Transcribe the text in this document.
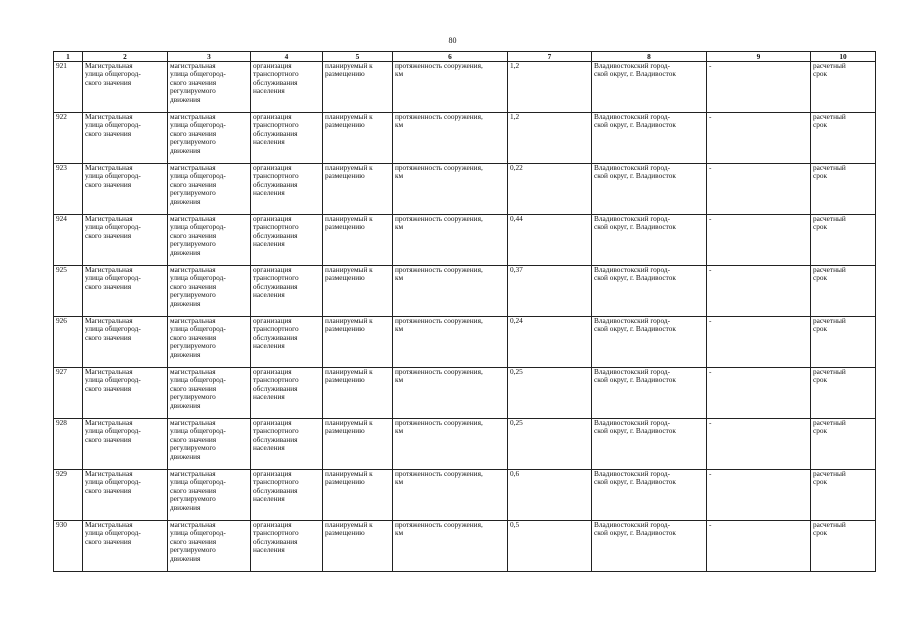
80
1	2	3	4	5	6	7	8	9	10
921	Магистральная
улица общегород-
ского значения	магистральная
улица общегород-
ского значения
регулируемого
движения	организация
транспортного
обслуживания
населения	планируемый к
размещению	протяженность сооружения,
км	1,2	Владивостокский город-
ской округ, г. Владивосток	-	расчетный
срок
922	Магистральная
улица общегород-
ского значения	магистральная
улица общегород-
ского значения
регулируемого
движения	организация
транспортного
обслуживания
населения	планируемый к
размещению	протяженность сооружения,
км	1,2	Владивостокский город-
ской округ, г. Владивосток	-	расчетный
срок
923	Магистральная
улица общегород-
ского значения	магистральная
улица общегород-
ского значения
регулируемого
движения	организация
транспортного
обслуживания
населения	планируемый к
размещению	протяженность сооружения,
км	0,22	Владивостокский город-
ской округ, г. Владивосток	-	расчетный
срок
924	Магистральная
улица общегород-
ского значения	магистральная
улица общегород-
ского значения
регулируемого
движения	организация
транспортного
обслуживания
населения	планируемый к
размещению	протяженность сооружения,
км	0,44	Владивостокский город-
ской округ, г. Владивосток	-	расчетный
срок
925	Магистральная
улица общегород-
ского значения	магистральная
улица общегород-
ского значения
регулируемого
движения	организация
транспортного
обслуживания
населения	планируемый к
размещению	протяженность сооружения,
км	0,37	Владивостокский город-
ской округ, г. Владивосток	-	расчетный
срок
926	Магистральная
улица общегород-
ского значения	магистральная
улица общегород-
ского значения
регулируемого
движения	организация
транспортного
обслуживания
населения	планируемый к
размещению	протяженность сооружения,
км	0,24	Владивостокский город-
ской округ, г. Владивосток	-	расчетный
срок
927	Магистральная
улица общегород-
ского значения	магистральная
улица общегород-
ского значения
регулируемого
движения	организация
транспортного
обслуживания
населения	планируемый к
размещению	протяженность сооружения,
км	0,25	Владивостокский город-
ской округ, г. Владивосток	-	расчетный
срок
928	Магистральная
улица общегород-
ского значения	магистральная
улица общегород-
ского значения
регулируемого
движения	организация
транспортного
обслуживания
населения	планируемый к
размещению	протяженность сооружения,
км	0,25	Владивостокский город-
ской округ, г. Владивосток	-	расчетный
срок
929	Магистральная
улица общегород-
ского значения	магистральная
улица общегород-
ского значения
регулируемого
движения	организация
транспортного
обслуживания
населения	планируемый к
размещению	протяженность сооружения,
км	0,6	Владивостокский город-
ской округ, г. Владивосток	-	расчетный
срок
930	Магистральная
улица общегород-
ского значения	магистральная
улица общегород-
ского значения
регулируемого
движения	организация
транспортного
обслуживания
населения	планируемый к
размещению	протяженность сооружения,
км	0,5	Владивостокский город-
ской округ, г. Владивосток	-	расчетный
срок
